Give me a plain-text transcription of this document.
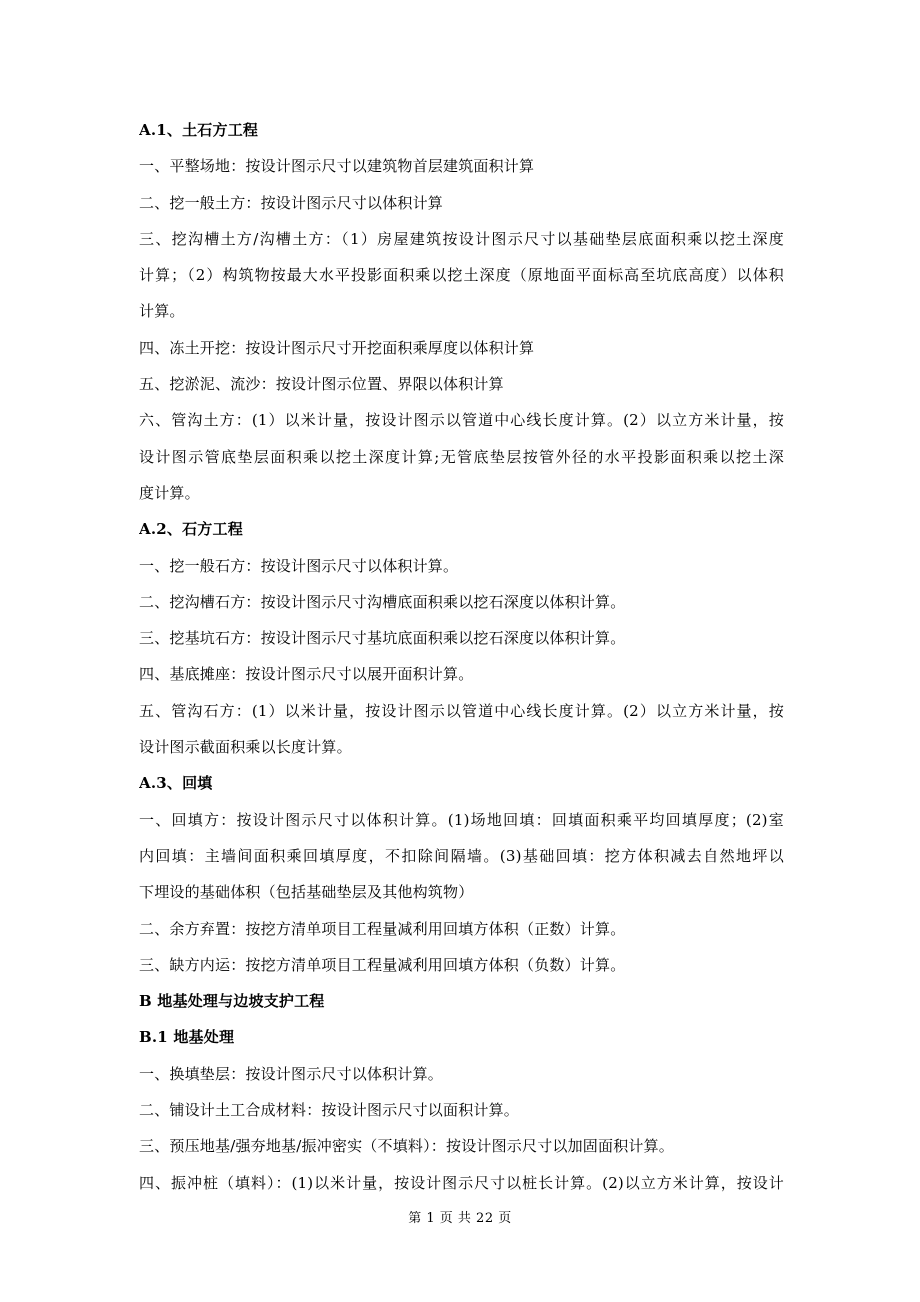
A.1、土石方工程
一、平整场地：按设计图示尺寸以建筑物首层建筑面积计算
二、挖一般土方：按设计图示尺寸以体积计算
三、挖沟槽土方/沟槽土方：（1）房屋建筑按设计图示尺寸以基础垫层底面积乘以挖土深度
计算；（2）构筑物按最大水平投影面积乘以挖土深度（原地面平面标高至坑底高度）以体积
计算。
四、冻土开挖：按设计图示尺寸开挖面积乘厚度以体积计算
五、挖淤泥、流沙：按设计图示位置、界限以体积计算
六、管沟土方：(1）以米计量，按设计图示以管道中心线长度计算。(2）以立方米计量，按
设计图示管底垫层面积乘以挖土深度计算;无管底垫层按管外径的水平投影面积乘以挖土深
度计算。
A.2、石方工程
一、挖一般石方：按设计图示尺寸以体积计算。
二、挖沟槽石方：按设计图示尺寸沟槽底面积乘以挖石深度以体积计算。
三、挖基坑石方：按设计图示尺寸基坑底面积乘以挖石深度以体积计算。
四、基底摊座：按设计图示尺寸以展开面积计算。
五、管沟石方：(1）以米计量，按设计图示以管道中心线长度计算。(2）以立方米计量，按
设计图示截面积乘以长度计算。
A.3、回填
一、回填方：按设计图示尺寸以体积计算。(1)场地回填：回填面积乘平均回填厚度；(2)室
内回填：主墙间面积乘回填厚度，不扣除间隔墙。(3)基础回填：挖方体积减去自然地坪以
下埋设的基础体积（包括基础垫层及其他构筑物）
二、余方弃置：按挖方清单项目工程量减利用回填方体积（正数）计算。
三、缺方内运：按挖方清单项目工程量减利用回填方体积（负数）计算。
B 地基处理与边坡支护工程
B.1 地基处理
一、换填垫层：按设计图示尺寸以体积计算。
二、铺设计土工合成材料：按设计图示尺寸以面积计算。
三、预压地基/强夯地基/振冲密实（不填料）：按设计图示尺寸以加固面积计算。
四、振冲桩（填料）：(1)以米计量，按设计图示尺寸以桩长计算。(2)以立方米计算，按设计
第 1 页 共 22 页
